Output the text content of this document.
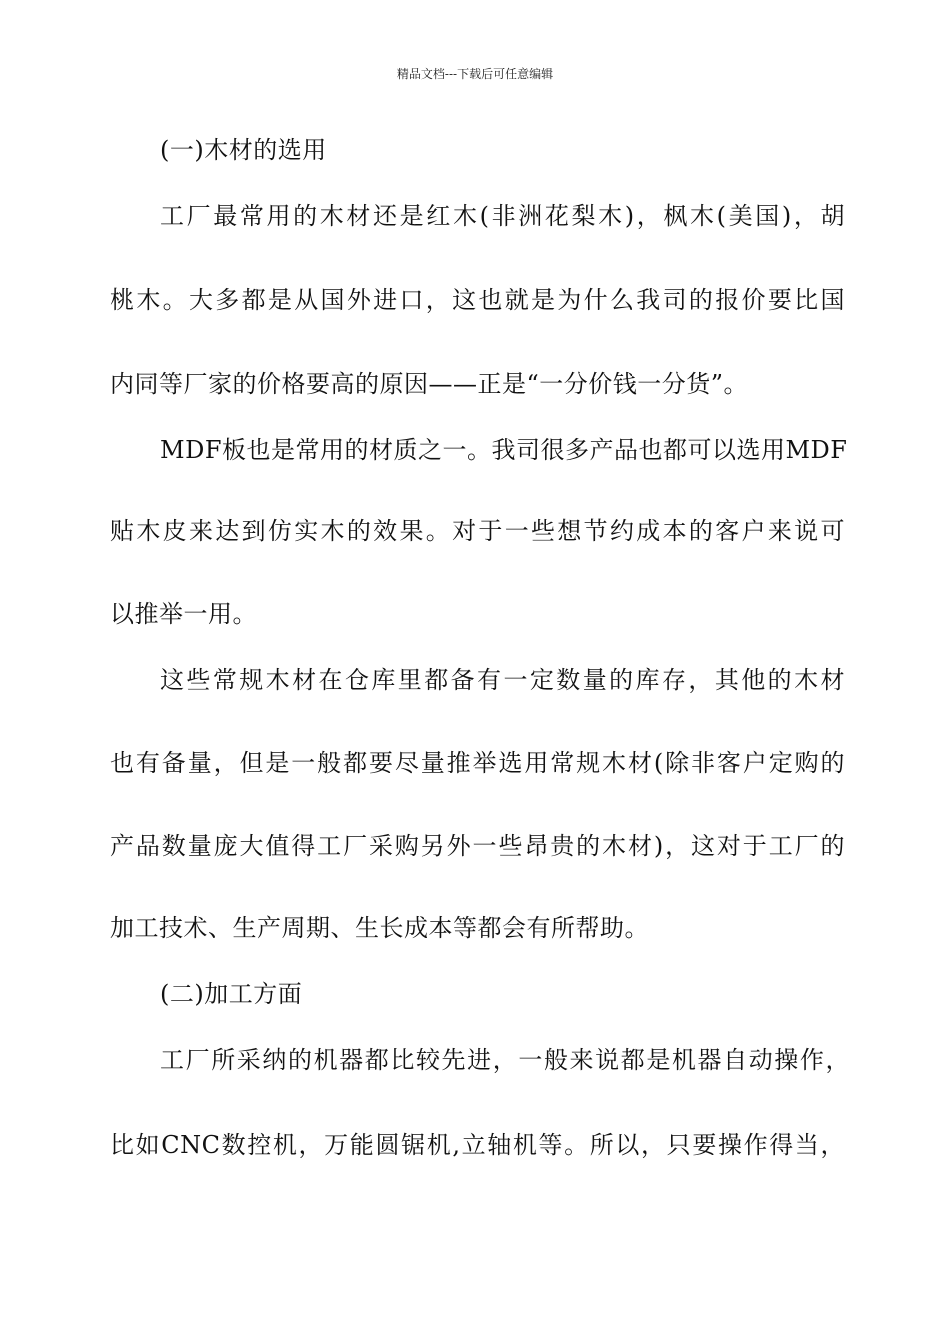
精品文档---下载后可任意编辑
(一)木材的选用
工厂最常用的木材还是红木(非洲花梨木)，枫木(美国)，胡
桃木。大多都是从国外进口，这也就是为什么我司的报价要比国
内同等厂家的价格要高的原因——正是“一分价钱一分货”。
MDF板也是常用的材质之一。我司很多产品也都可以选用MDF
贴木皮来达到仿实木的效果。对于一些想节约成本的客户来说可
以推举一用。
这些常规木材在仓库里都备有一定数量的库存，其他的木材
也有备量，但是一般都要尽量推举选用常规木材(除非客户定购的
产品数量庞大值得工厂采购另外一些昂贵的木材)，这对于工厂的
加工技术、生产周期、生长成本等都会有所帮助。
(二)加工方面
工厂所采纳的机器都比较先进，一般来说都是机器自动操作，
比如CNC数控机，万能圆锯机,立轴机等。所以，只要操作得当，
